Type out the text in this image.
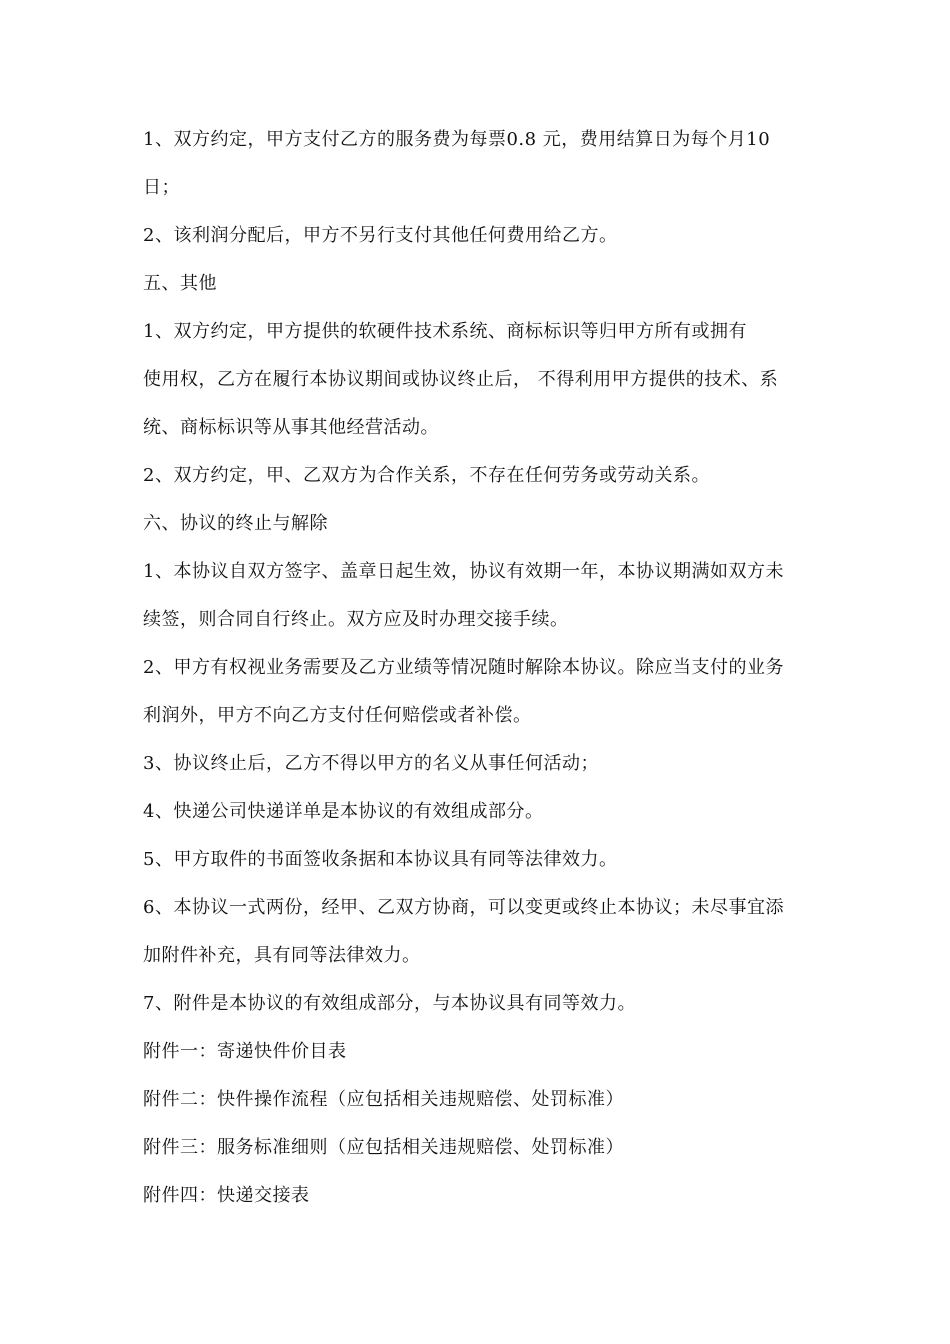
1、双方约定，甲方支付乙方的服务费为每票0.8 元，费用结算日为每个月10
日；
2、该利润分配后，甲方不另行支付其他任何费用给乙方。
五、其他
1、双方约定，甲方提供的软硬件技术系统、商标标识等归甲方所有或拥有
使用权，乙方在履行本协议期间或协议终止后， 不得利用甲方提供的技术、系
统、商标标识等从事其他经营活动。
2、双方约定，甲、乙双方为合作关系，不存在任何劳务或劳动关系。
六、协议的终止与解除
1、本协议自双方签字、盖章日起生效，协议有效期一年，本协议期满如双方未
续签，则合同自行终止。双方应及时办理交接手续。
2、甲方有权视业务需要及乙方业绩等情况随时解除本协议。除应当支付的业务
利润外，甲方不向乙方支付任何赔偿或者补偿。
3、协议终止后，乙方不得以甲方的名义从事任何活动；
4、快递公司快递详单是本协议的有效组成部分。
5、甲方取件的书面签收条据和本协议具有同等法律效力。
6、本协议一式两份，经甲、乙双方协商，可以变更或终止本协议；未尽事宜添
加附件补充，具有同等法律效力。
7、附件是本协议的有效组成部分，与本协议具有同等效力。
附件一：寄递快件价目表
附件二：快件操作流程（应包括相关违规赔偿、处罚标准）
附件三：服务标准细则（应包括相关违规赔偿、处罚标准）
附件四：快递交接表
